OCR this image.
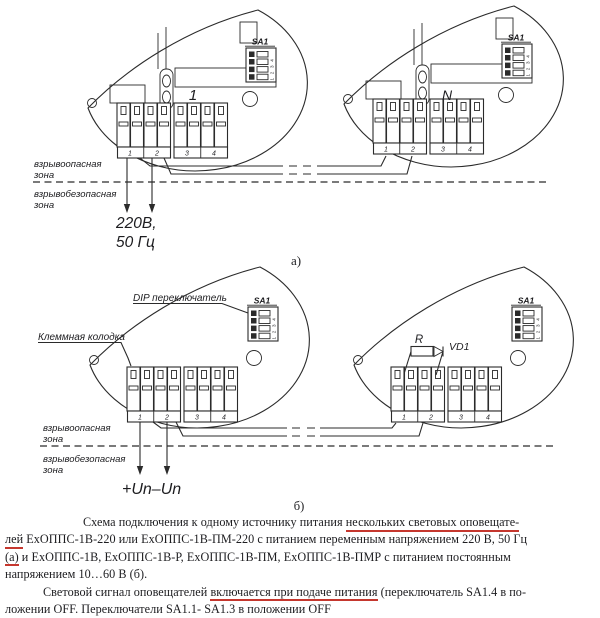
1	2	3	4
1 2 3 4
1	N
220В,
50 Гц
взрывоопасная
зона
взрывобезопасная
зона
а)
DIP переключатель
Клеммная колодка	R
VD1
+Un–Un
взрывоопасная
зона
взрывобезопасная
зона
б)
Схема подключения к одному источнику питания нескольких световых оповещате-
лей ЕхОППС-1В-220 или ЕхОППС-1В-ПМ-220 с питанием переменным напряжением 220 В, 50 Гц
(а) и ЕхОППС-1В, ЕхОППС-1В-Р, ЕхОППС-1В-ПМ, ЕхОППС-1В-ПМР с питанием постоянным
напряжением 10…60 В (б).
Световой сигнал оповещателей включается при подаче питания (переключатель SA1.4 в по-
ложении OFF. Переключатели SA1.1- SA1.3 в положении OFF
